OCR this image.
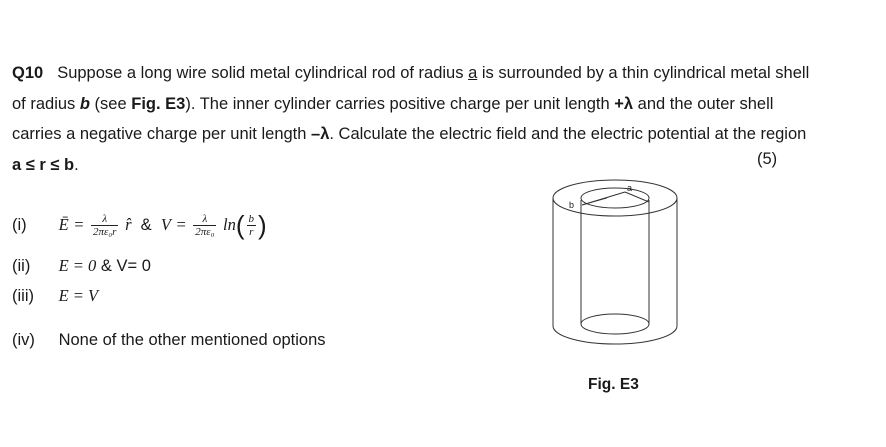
Q10 Suppose a long wire solid metal cylindrical rod of radius a is surrounded by a thin cylindrical metal shell of radius b (see Fig. E3). The inner cylinder carries positive charge per unit length +λ and the outer shell carries a negative charge per unit length –λ. Calculate the electric field and the electric potential at the region a ≤ r ≤ b.	(5)
(i) Ē = $\frac{\lambda}{\text{2πε₀r}}$ r̂ & $V = \frac{\lambda}{\text{2πε₀}} \ln( \frac{b}{r}$ )
(ii) E = 0 & V= 0
(iii) E = V
(iv) None of the other mentioned options
a
b
Fig. E3
